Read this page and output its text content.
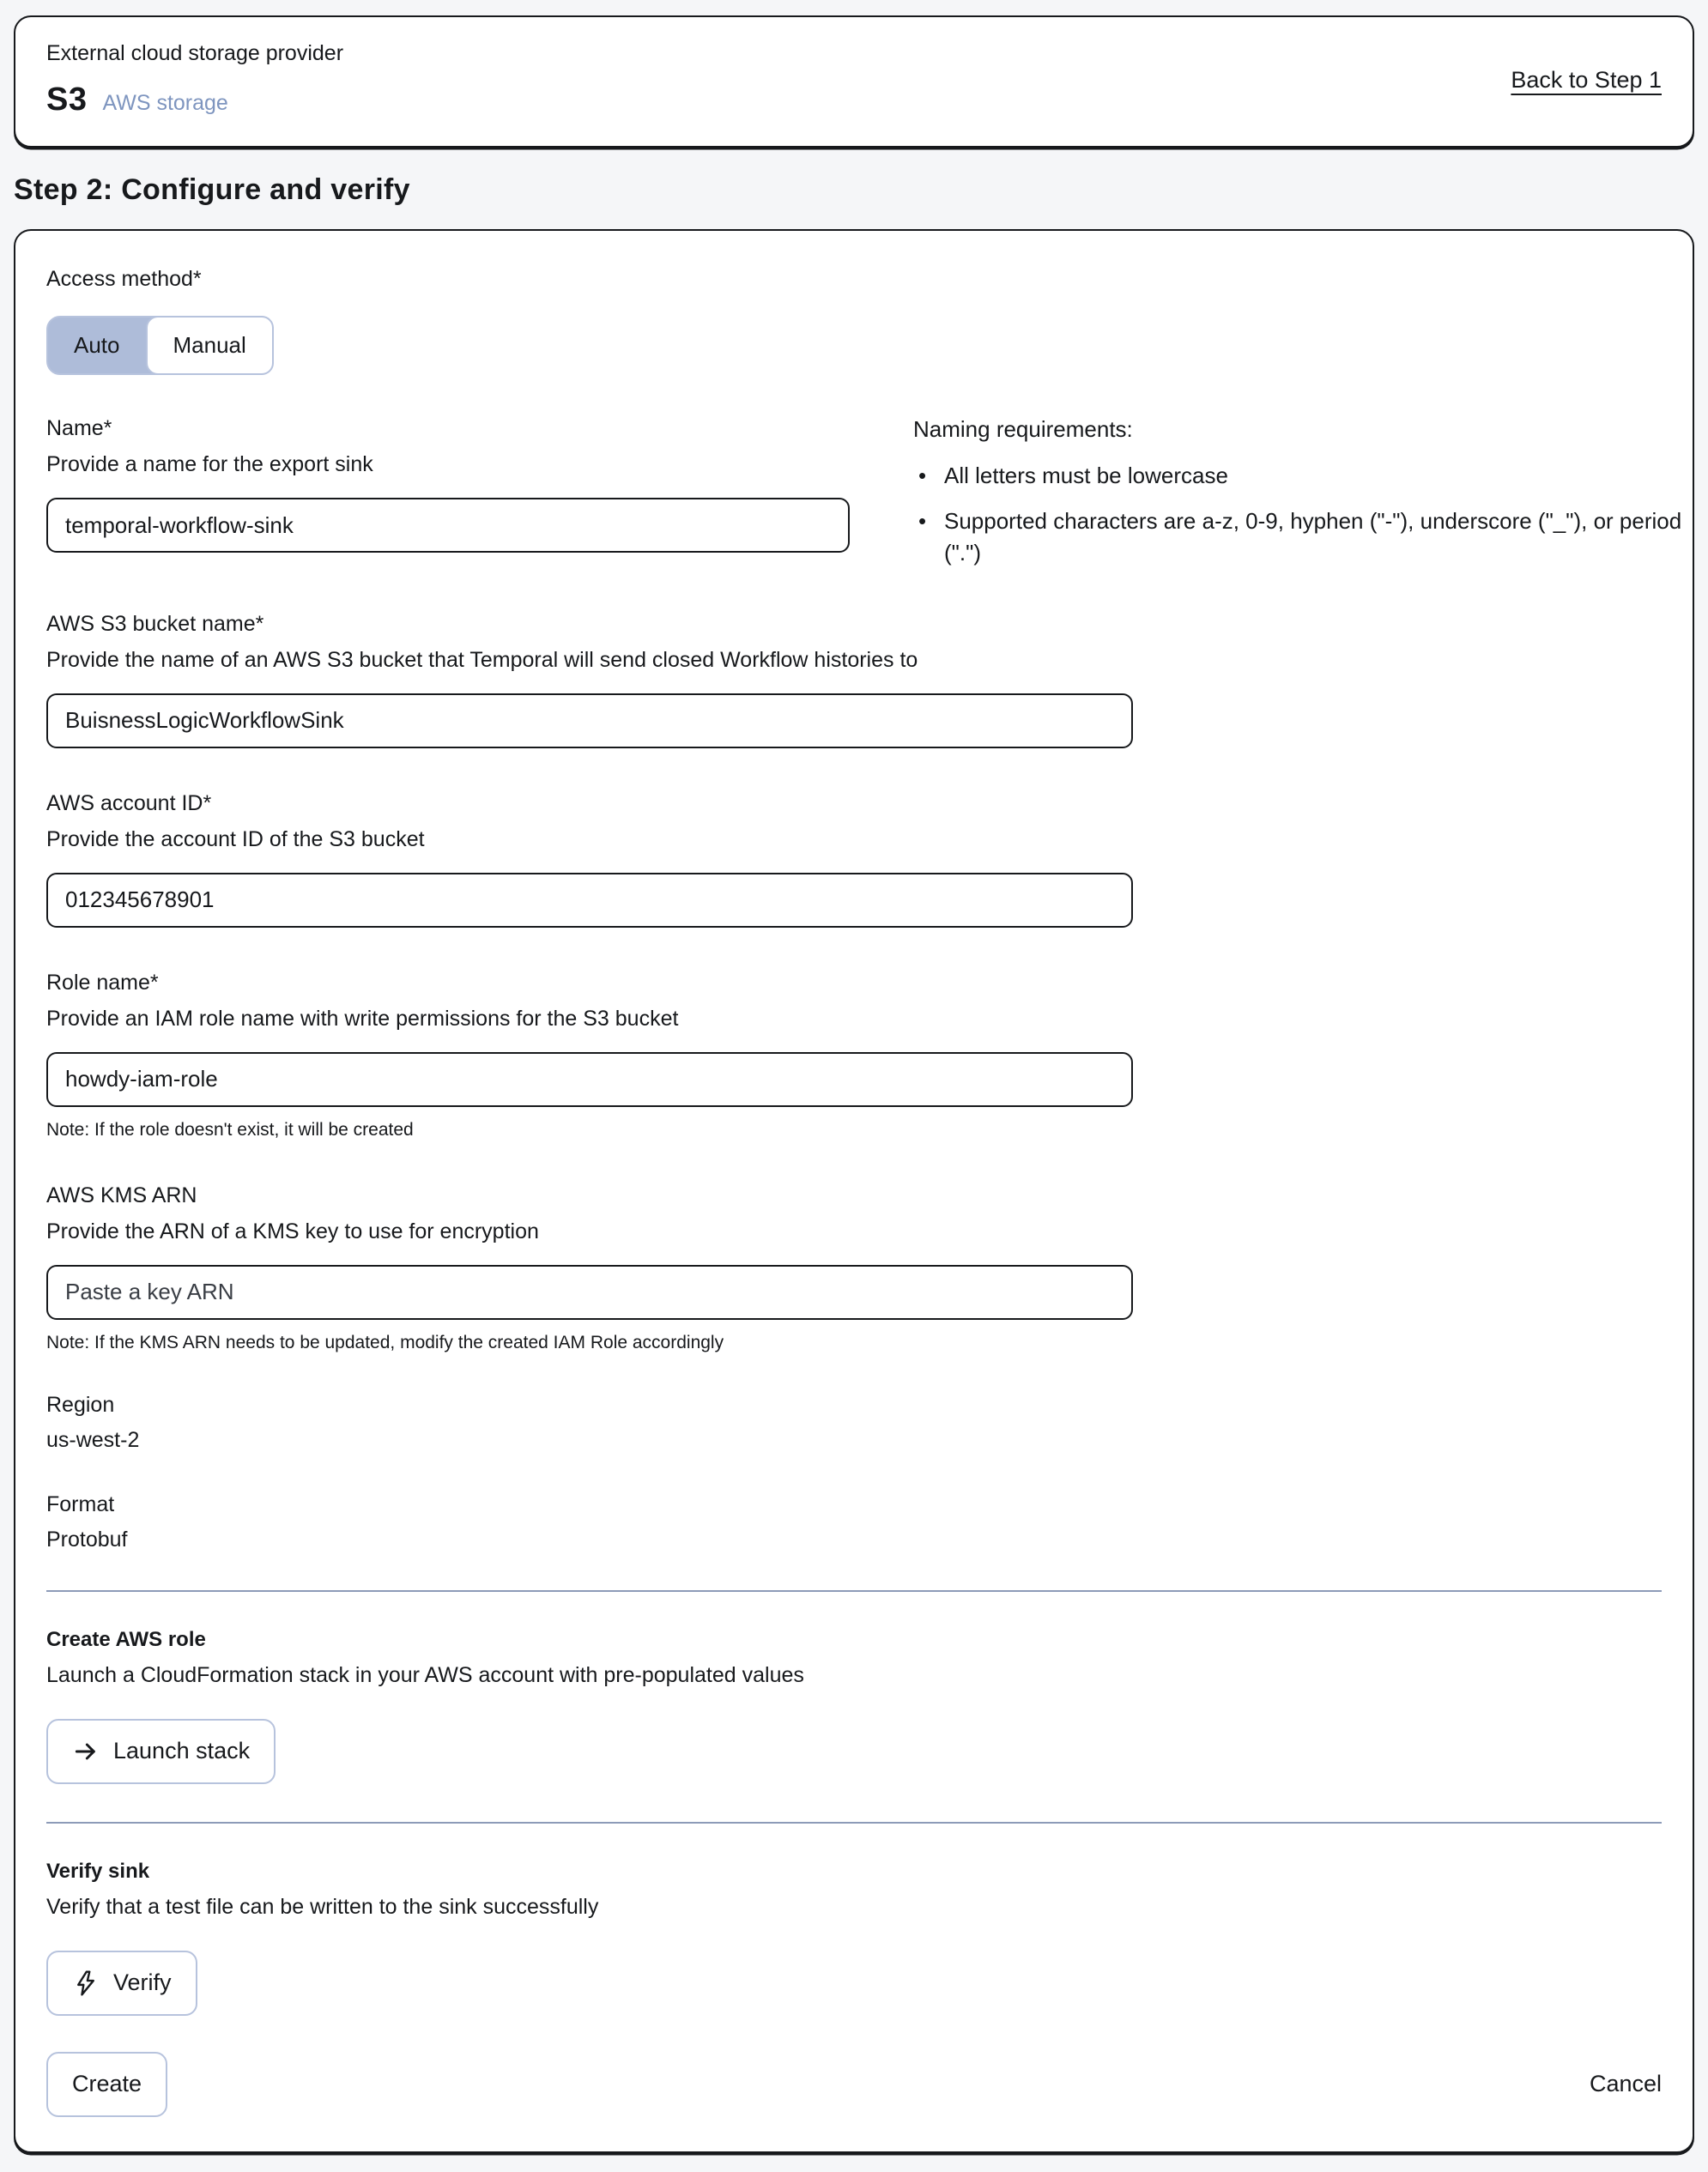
External cloud storage provider
S3 AWS storage
Back to Step 1
Step 2: Configure and verify
Access method*
Auto	Manual
Name*
Provide a name for the export sink
temporal-workflow-sink
Naming requirements:
• All letters must be lowercase
• Supported characters are a-z, 0-9, hyphen ("-"), underscore ("_"), or period (".")
AWS S3 bucket name*
Provide the name of an AWS S3 bucket that Temporal will send closed Workflow histories to
BuisnessLogicWorkflowSink
AWS account ID*
Provide the account ID of the S3 bucket
012345678901
Role name*
Provide an IAM role name with write permissions for the S3 bucket
howdy-iam-role
Note: If the role doesn't exist, it will be created
AWS KMS ARN
Provide the ARN of a KMS key to use for encryption
Paste a key ARN
Note: If the KMS ARN needs to be updated, modify the created IAM Role accordingly
Region
us-west-2
Format
Protobuf
Create AWS role
Launch a CloudFormation stack in your AWS account with pre-populated values
Launch stack
Verify sink
Verify that a test file can be written to the sink successfully
Verify
Create	Cancel
